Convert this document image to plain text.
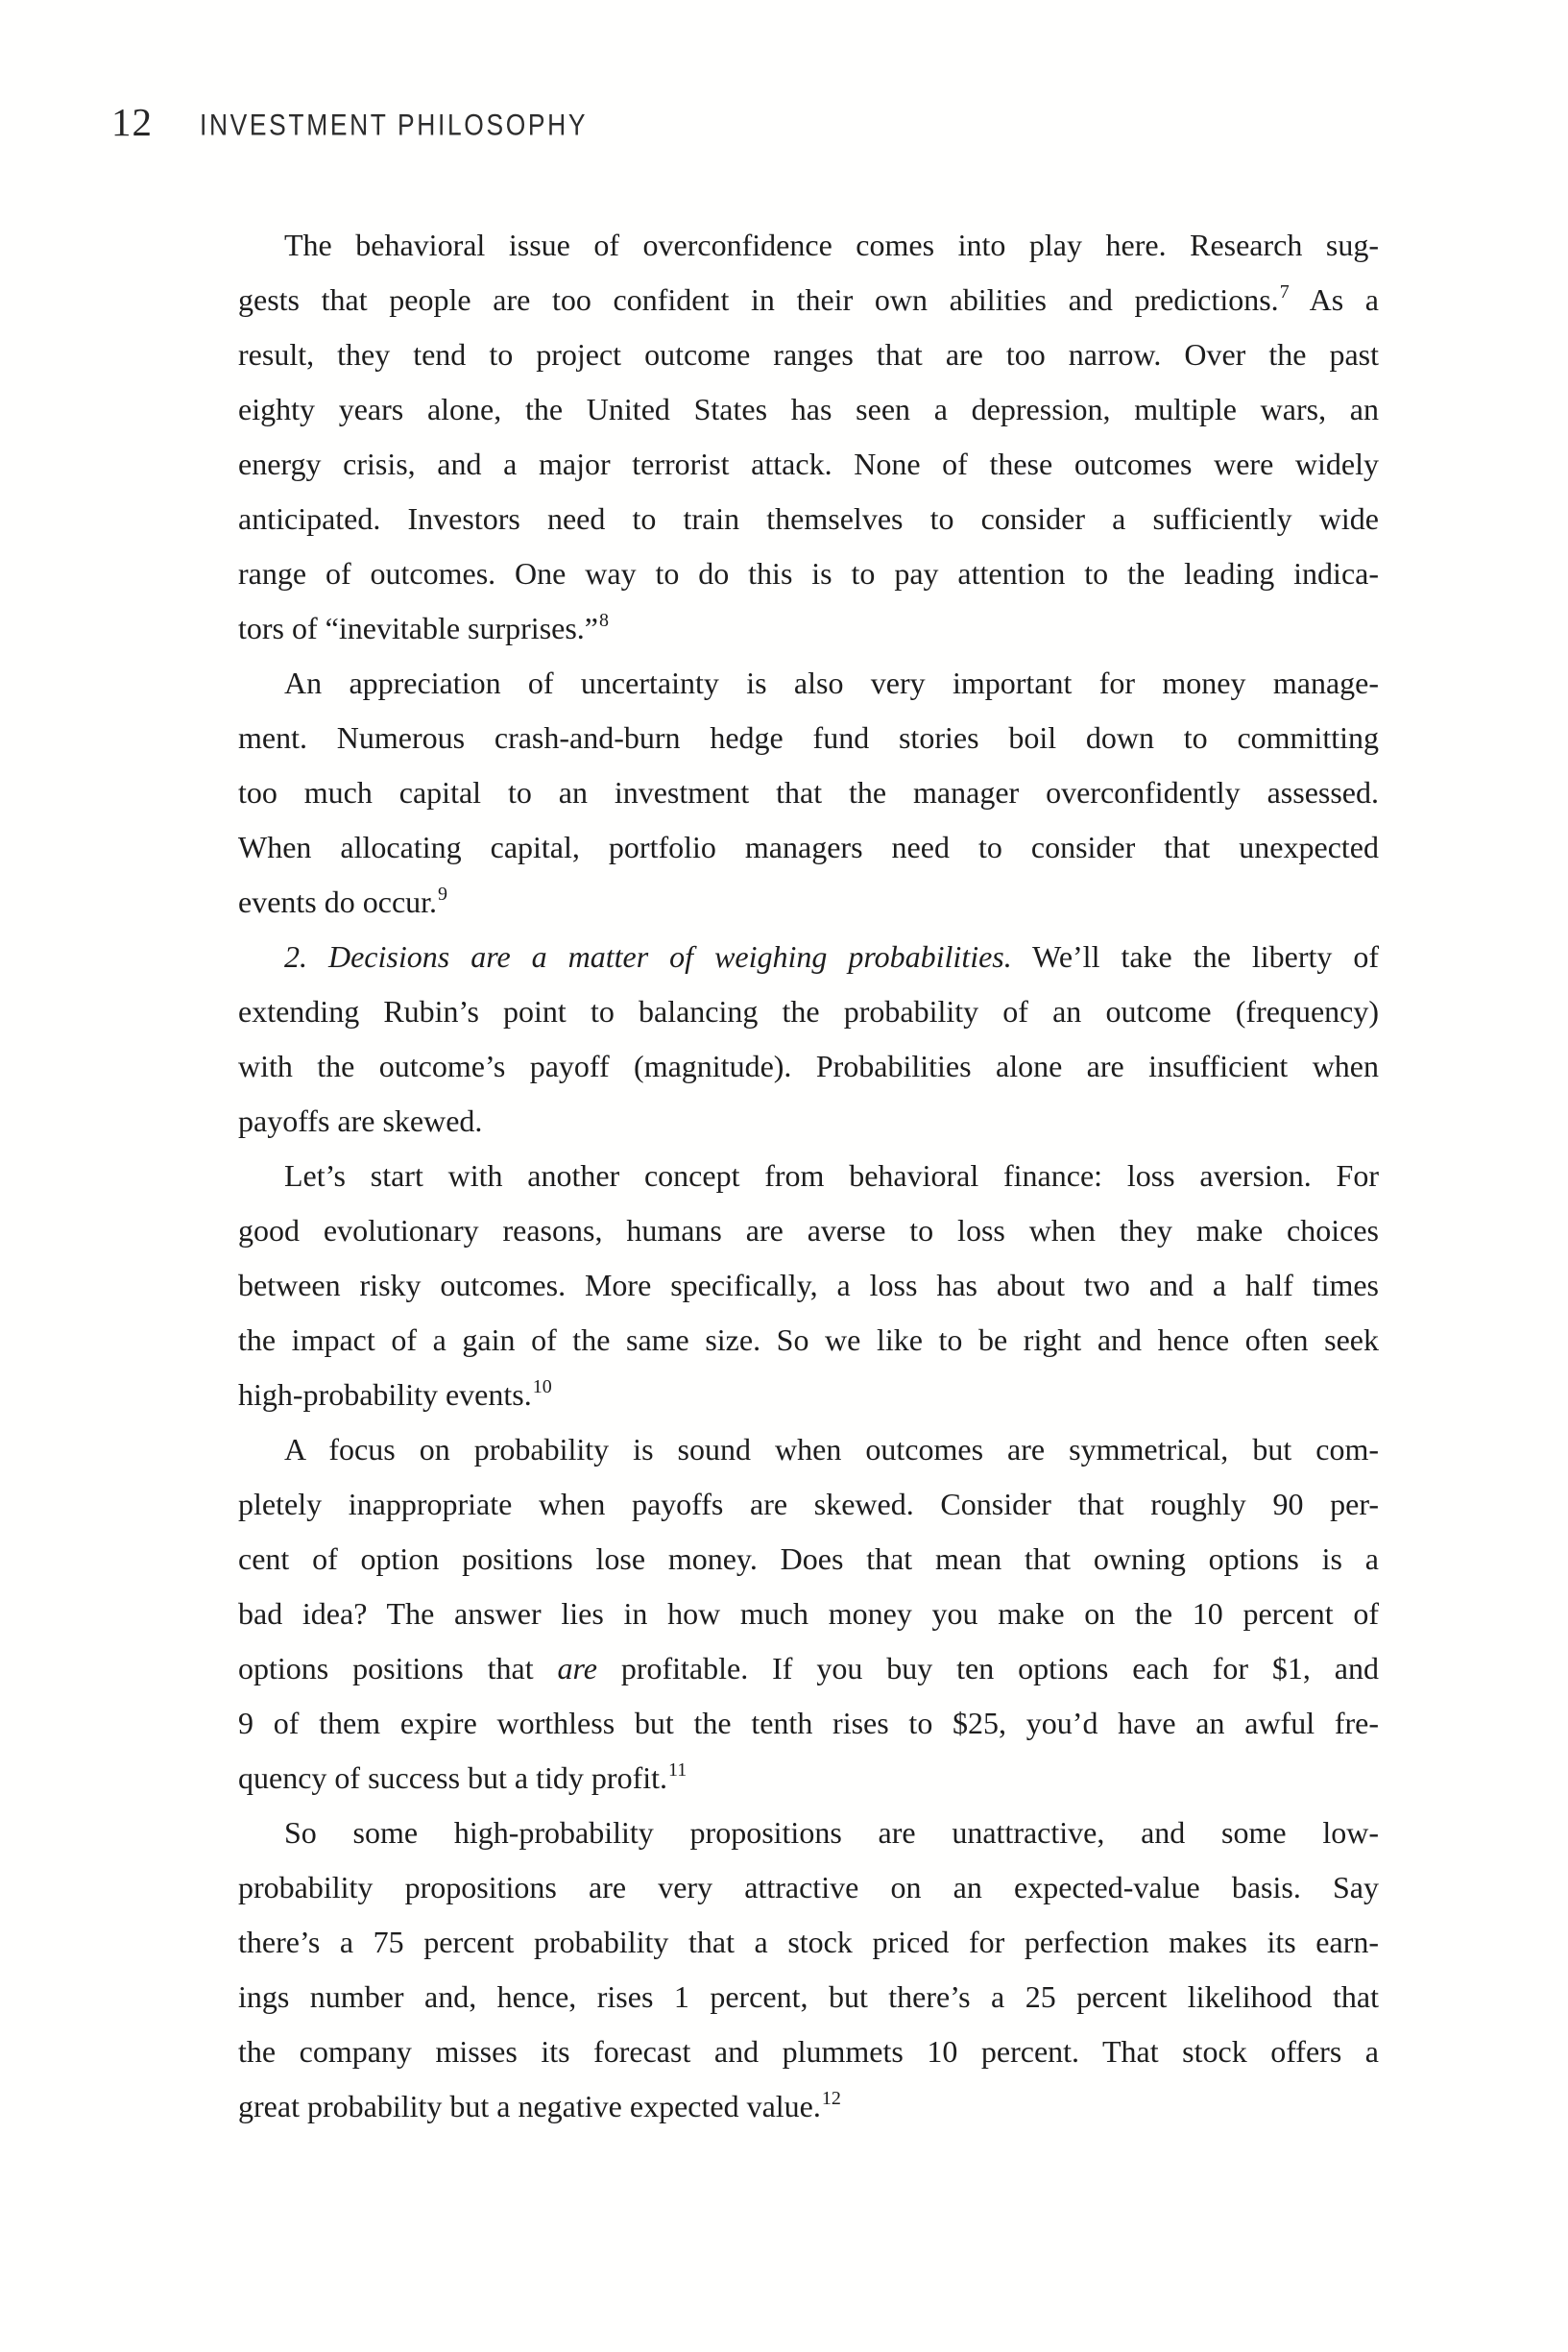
12 INVESTMENT PHILOSOPHY
The behavioral issue of overconfidence comes into play here. Research sug-
gests that people are too confident in their own abilities and predictions.$^7$ As a
result, they tend to project outcome ranges that are too narrow. Over the past
eighty years alone, the United States has seen a depression, multiple wars, an
energy crisis, and a major terrorist attack. None of these outcomes were widely
anticipated. Investors need to train themselves to consider a sufficiently wide
range of outcomes. One way to do this is to pay attention to the leading indica-
tors of “inevitable surprises.”$^8$
An appreciation of uncertainty is also very important for money manage-
ment. Numerous crash-and-burn hedge fund stories boil down to committing
too much capital to an investment that the manager overconfidently assessed.
When allocating capital, portfolio managers need to consider that unexpected
events do occur.$^9$
2. Decisions are a matter of weighing probabilities. We’ll take the liberty of
extending Rubin’s point to balancing the probability of an outcome (frequency)
with the outcome’s payoff (magnitude). Probabilities alone are insufficient when
payoffs are skewed.
Let’s start with another concept from behavioral finance: loss aversion. For
good evolutionary reasons, humans are averse to loss when they make choices
between risky outcomes. More specifically, a loss has about two and a half times
the impact of a gain of the same size. So we like to be right and hence often seek
high-probability events.$^{10}$
A focus on probability is sound when outcomes are symmetrical, but com-
pletely inappropriate when payoffs are skewed. Consider that roughly 90 per-
cent of option positions lose money. Does that mean that owning options is a
bad idea? The answer lies in how much money you make on the 10 percent of
options positions that are profitable. If you buy ten options each for $1, and
9 of them expire worthless but the tenth rises to $25, you’d have an awful fre-
quency of success but a tidy profit.$^{11}$
So some high-probability propositions are unattractive, and some low-
probability propositions are very attractive on an expected-value basis. Say
there’s a 75 percent probability that a stock priced for perfection makes its earn-
ings number and, hence, rises 1 percent, but there’s a 25 percent likelihood that
the company misses its forecast and plummets 10 percent. That stock offers a
great probability but a negative expected value.$^{12}$
